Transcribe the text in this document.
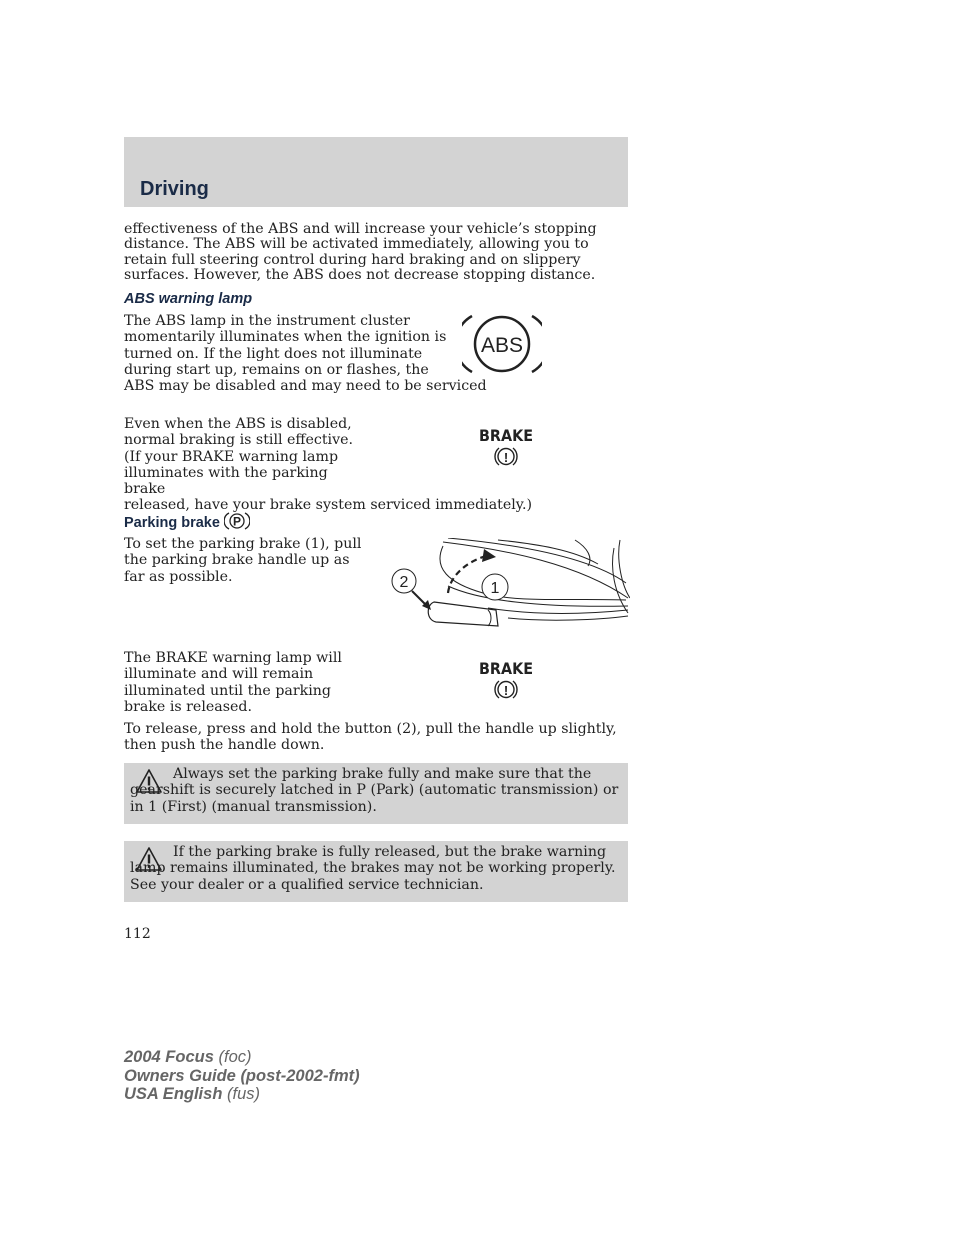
Driving
effectiveness of the ABS and will increase your vehicle’s stopping distance. The ABS will be activated immediately, allowing you to retain full steering control during hard braking and on slippery surfaces. However, the ABS does not decrease stopping distance.
ABS warning lamp
The ABS lamp in the instrument cluster momentarily illuminates when the ignition is turned on. If the light does not illuminate during start up, remains on or flashes, the
ABS may be disabled and may need to be serviced
ABS
Even when the ABS is disabled, normal braking is still effective. (If your BRAKE warning lamp illuminates with the parking brake
released, have your brake system serviced immediately.)
BRAKE
!
Parking brake P
To set the parking brake (1), pull the parking brake handle up as far as possible.	2	1
The BRAKE warning lamp will illuminate and will remain illuminated until the parking brake is released.
BRAKE
!
To release, press and hold the button (2), pull the handle up slightly, then push the handle down.
Always set the parking brake fully and make sure that the gearshift is securely latched in P (Park) (automatic transmission) or in 1 (First) (manual transmission).
If the parking brake is fully released, but the brake warning lamp remains illuminated, the brakes may not be working properly. See your dealer or a qualified service technician.
112
2004 Focus (foc)
Owners Guide (post-2002-fmt)
USA English (fus)
